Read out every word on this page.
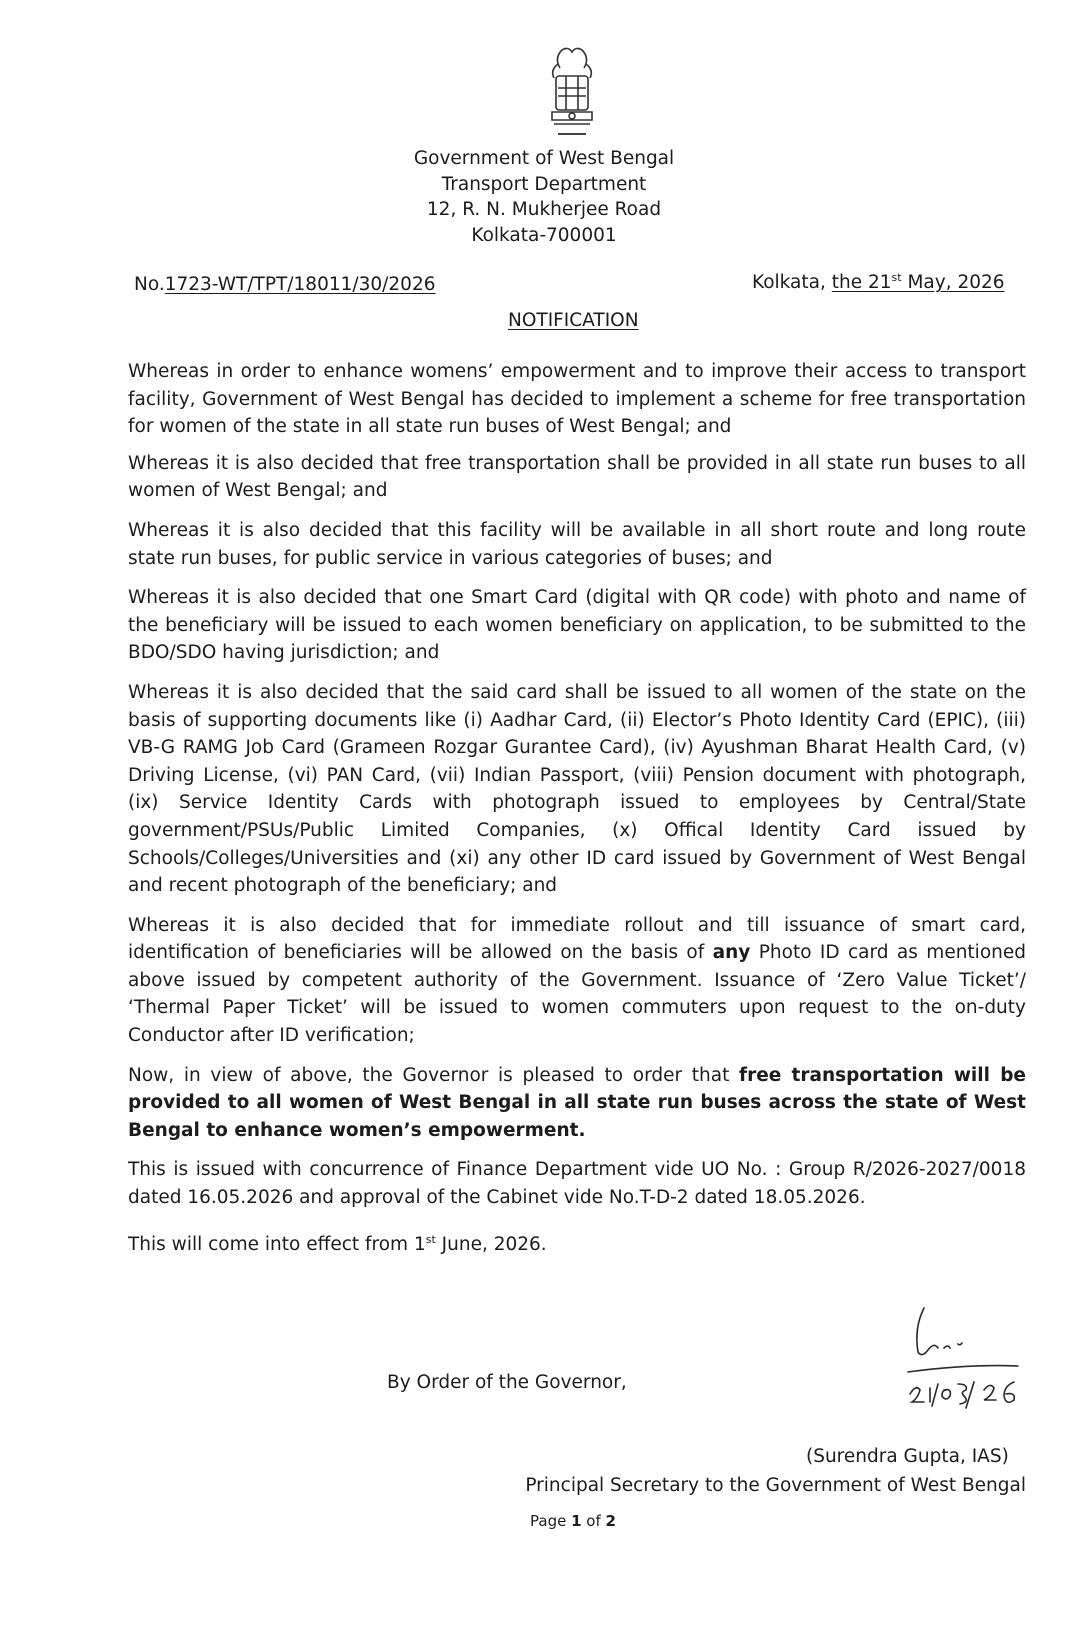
Government of West Bengal
Transport Department
12, R. N. Mukherjee Road
Kolkata-700001
No.1723-WT/TPT/18011/30/2026	Kolkata, the 21st May, 2026
NOTIFICATION

Whereas in order to enhance womens’ empowerment and to improve their access to transport facility, Government of West Bengal has decided to implement a scheme for free transportation for women of the state in all state run buses of West Bengal; and

Whereas it is also decided that free transportation shall be provided in all state run buses to all women of West Bengal; and

Whereas it is also decided that this facility will be available in all short route and long route state run buses, for public service in various categories of buses; and

Whereas it is also decided that one Smart Card (digital with QR code) with photo and name of the beneficiary will be issued to each women beneficiary on application, to be submitted to the BDO/SDO having jurisdiction; and

Whereas it is also decided that the said card shall be issued to all women of the state on the basis of supporting documents like (i) Aadhar Card, (ii) Elector’s Photo Identity Card (EPIC), (iii) VB-G RAMG Job Card (Grameen Rozgar Gurantee Card), (iv) Ayushman Bharat Health Card, (v) Driving License, (vi) PAN Card, (vii) Indian Passport, (viii) Pension document with photograph, (ix) Service Identity Cards with photograph issued to employees by Central/State government/PSUs/Public Limited Companies, (x) Offical Identity Card issued by Schools/Colleges/Universities and (xi) any other ID card issued by Government of West Bengal and recent photograph of the beneficiary; and

Whereas it is also decided that for immediate rollout and till issuance of smart card, identification of beneficiaries will be allowed on the basis of any Photo ID card as mentioned above issued by competent authority of the Government. Issuance of ‘Zero Value Ticket’/ ‘Thermal Paper Ticket’ will be issued to women commuters upon request to the on-duty Conductor after ID verification;

Now, in view of above, the Governor is pleased to order that free transportation will be provided to all women of West Bengal in all state run buses across the state of West Bengal to enhance women’s empowerment.

This is issued with concurrence of Finance Department vide UO No. : Group R/2026-2027/0018 dated 16.05.2026 and approval of the Cabinet vide No.T-D-2 dated 18.05.2026.

This will come into effect from 1st June, 2026.

By Order of the Governor,
(Surendra Gupta, IAS)
Principal Secretary to the Government of West Bengal
Page 1 of 2
